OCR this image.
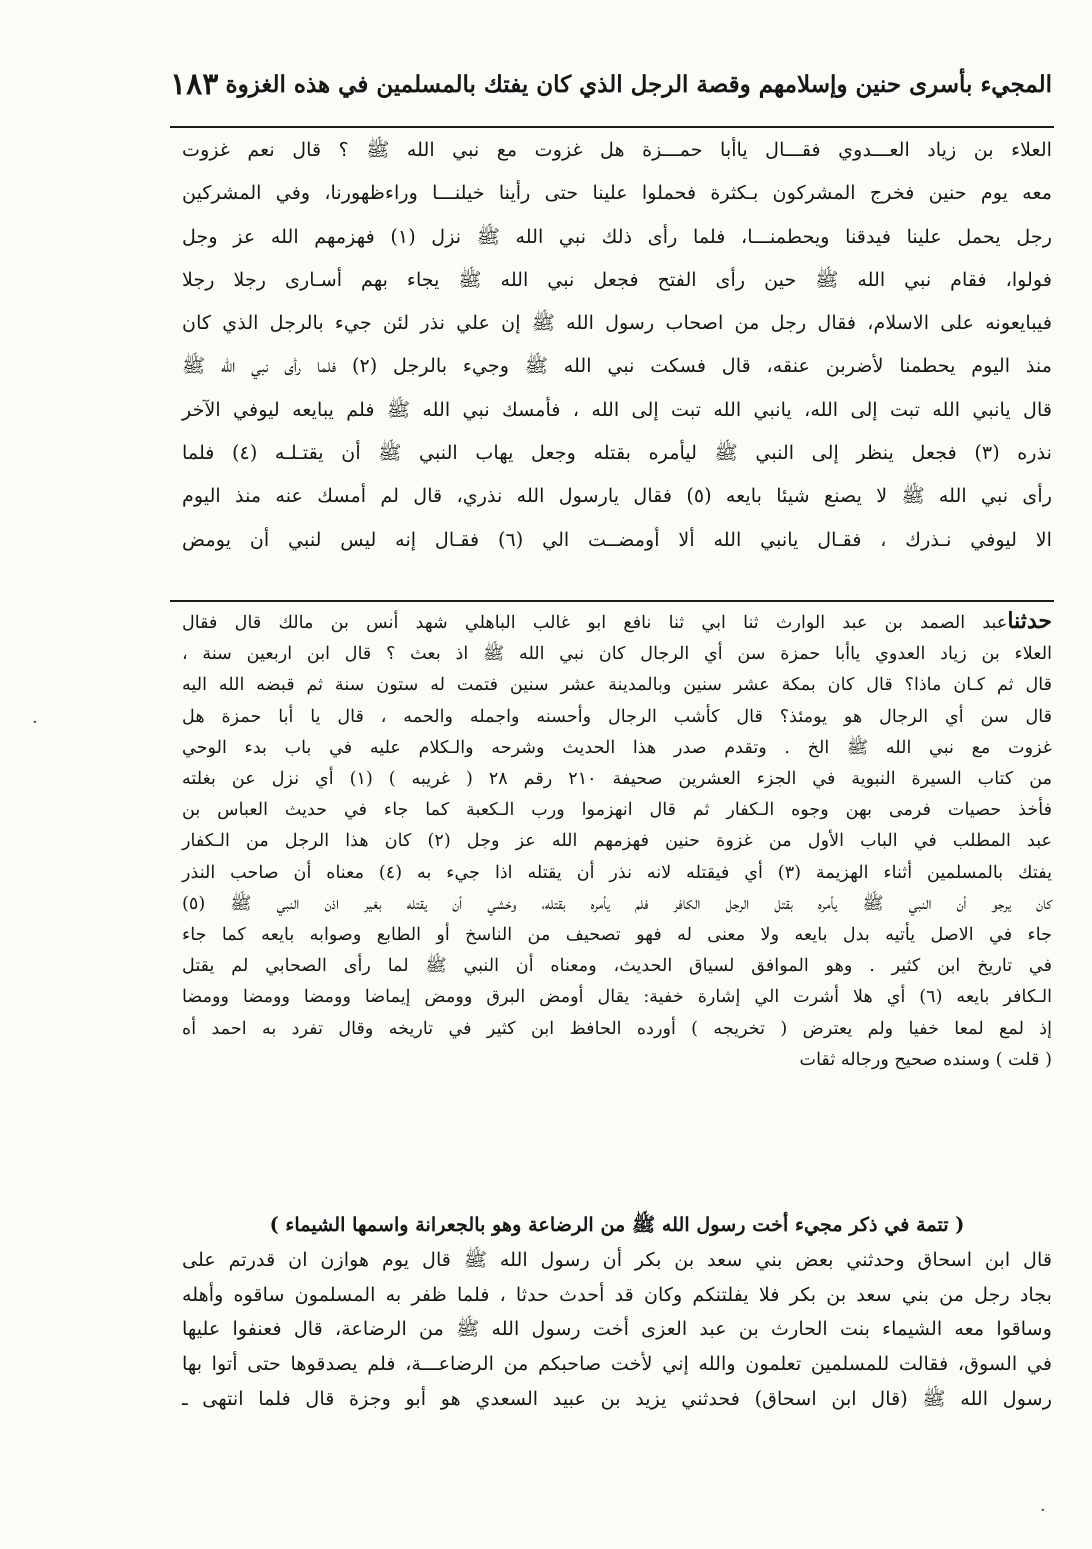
المجيء بأسرى حنين وإسلامهم وقصة الرجل الذي كان يفتك بالمسلمين في هذه الغزوة
١٨٣

العلاء بن زياد العـــدوي فقـــال ياأبا حمـــزة هل غزوت مع نبي الله ﷺ ؟ قال نعم غزوت

معه يوم حنين فخرج المشركون بـكثرة فحملوا علينا حتى رأينا خيلنـــا وراءظهورنا، وفي المشركين

رجل يحمل علينا فيدقنا ويحطمنـــا، فلما رأى ذلك نبي الله ﷺ نزل (١) فهزمهم الله عز وجل

فولوا، فقام نبي الله ﷺ حين رأى الفتح فجعل نبي الله ﷺ يجاء بهم أسـارى رجلا رجلا

فيبايعونه على الاسلام، فقال رجل من اصحاب رسول الله ﷺ إن علي نذر لئن جيء بالرجل الذي كان

منذ اليوم يحطمنا لأضربن عنقه، قال فسكت نبي الله ﷺ وجيء بالرجل (٢) فلما رأى نبي الله ﷺ

قال يانبي الله تبت إلى الله، يانبي الله تبت إلى الله ، فأمسك نبي الله ﷺ فلم يبايعه ليوفي الآخر

نذره (٣) فجعل ينظر إلى النبي ﷺ ليأمره بقتله وجعل يهاب النبي ﷺ أن يقتـلـه (٤) فلما

رأى نبي الله ﷺ لا يصنع شيئا بايعه (٥) فقال يارسول الله نذري، قال لم أمسك عنه منذ اليوم

الا ليوفي نـذرك ، فقـال يانبي الله ألا أومضــت الي (٦) فقـال إنه ليس لنبي أن يومض

حدثناعبد الصمد بن عبد الوارث ثنا ابي ثنا نافع ابو غالب الباهلي شهد أنس بن مالك قال فقال

العلاء بن زياد العدوي ياأبا حمزة سن أي الرجال كان نبي الله ﷺ اذ بعث ؟ قال ابن اربعين سنة ،

قال ثم كـان ماذا؟ قال كان بمكة عشر سنين وبالمدينة عشر سنين فتمت له ستون سنة ثم قبضه الله اليه

قال سن أي الرجال هو يومئذ؟ قال كأشب الرجال وأحسنه واجمله والحمه ، قال يا أبا حمزة هل

غزوت مع نبي الله ﷺ الخ . وتقدم صدر هذا الحديث وشرحه والـكلام عليه في باب بدء الوحي

من كتاب السيرة النبوية في الجزء العشرين صحيفة ٢١٠ رقم ٢٨ ( غريبه ) (١) أي نزل عن بغلته

فأخذ حصيات فرمى بهن وجوه الـكفار ثم قال انهزموا ورب الـكعبة كما جاء في حديث العباس بن

عبد المطلب في الباب الأول من غزوة حنين فهزمهم الله عز وجل (٢) كان هذا الرجل من الـكفار

يفتك بالمسلمين أثناء الهزيمة (٣) أي فيقتله لانه نذر أن يقتله اذا جيء به (٤) معناه أن صاحب النذر

كان يرجو أن النبي ﷺ يأمره بقتل الرجل الكافر فلم يأمره بقتله، وخشي أن يقتله بغير اذن النبي ﷺ (٥)

جاء في الاصل يأتيه بدل بايعه ولا معنى له فهو تصحيف من الناسخ أو الطابع وصوابه بايعه كما جاء

في تاريخ ابن كثير . وهو الموافق لسياق الحديث، ومعناه أن النبي ﷺ لما رأى الصحابي لم يقتل

الـكافر بايعه (٦) أي هلا أشرت الي إشارة خفية: يقال أومض البرق وومض إيماضا وومضا وومضا وومضا

إذ لمع لمعا خفيا ولم يعترض ( تخريجه ) أورده الحافظ ابن كثير في تاريخه وقال تفرد به احمد أه

( قلت ) وسنده صحيح ورجاله ثقات

( تتمة في ذكر مجيء أخت رسول الله ﷺ من الرضاعة وهو بالجعرانة واسمها الشيماء )

قال ابن اسحاق وحدثني بعض بني سعد بن بكر أن رسول الله ﷺ قال يوم هوازن ان قدرتم على

بجاد رجل من بني سعد بن بكر فلا يفلتنكم وكان قد أحدث حدثا ، فلما ظفر به المسلمون ساقوه وأهله

وساقوا معه الشيماء بنت الحارث بن عبد العزى أخت رسول الله ﷺ من الرضاعة، قال فعنفوا عليها

في السوق، فقالت للمسلمين تعلمون والله إني لأخت صاحبكم من الرضاعـــة، فلم يصدقوها حتى أتوا بها

رسول الله ﷺ (قال ابن اسحاق) فحدثني يزيد بن عبيد السعدي هو أبو وجزة قال فلما انتهى ـ

·
·
